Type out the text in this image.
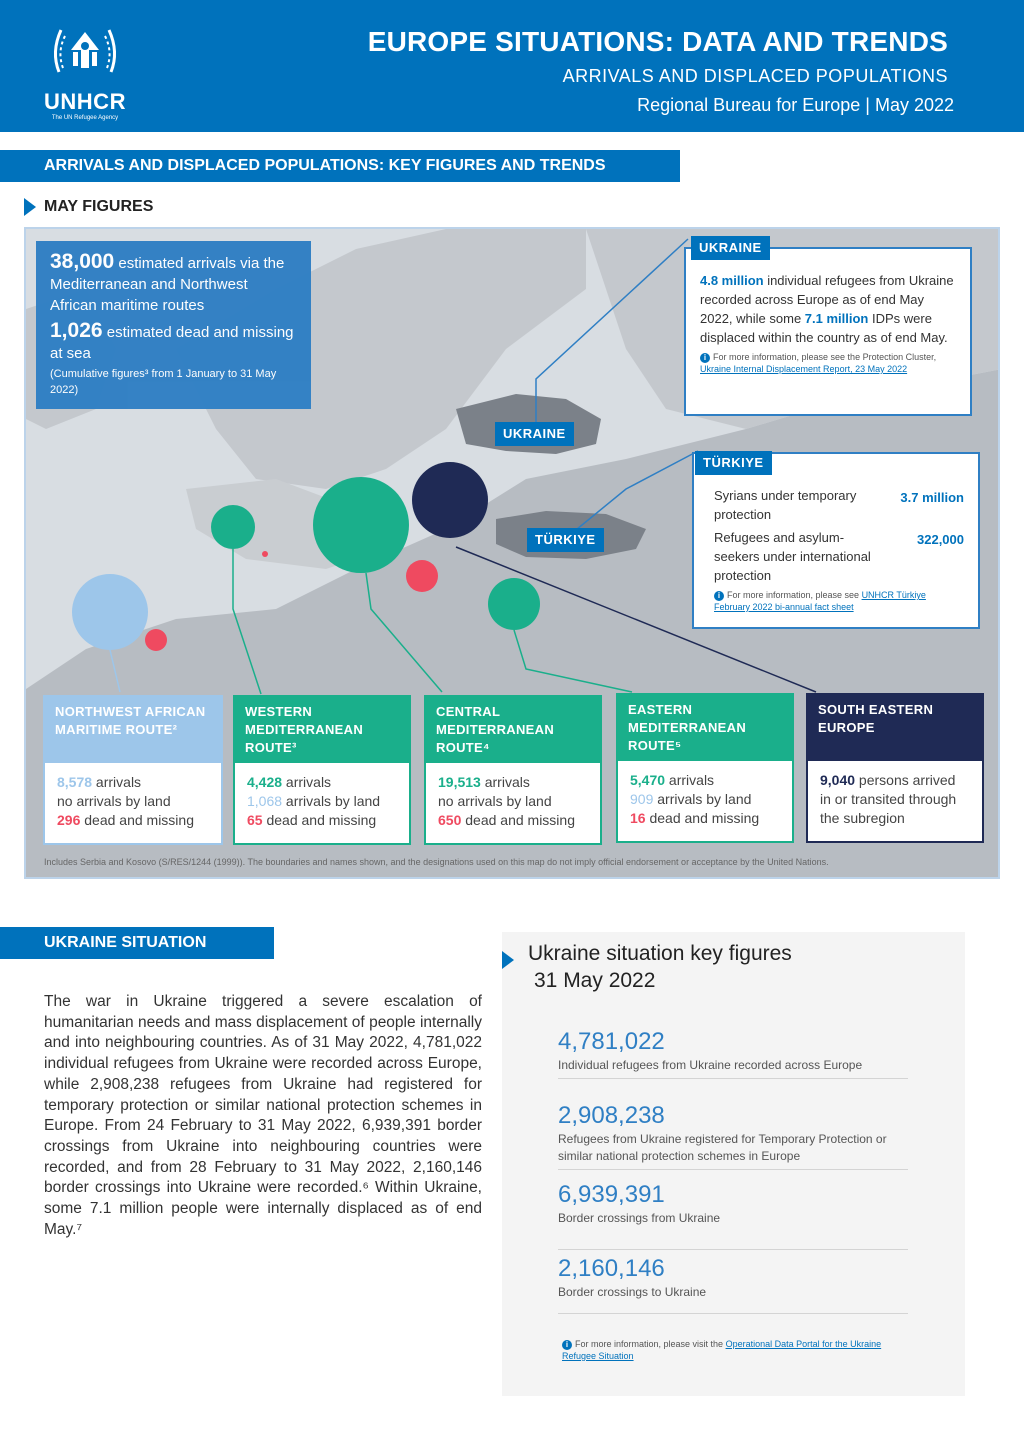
UNHCR
The UN Refugee Agency
EUROPE SITUATIONS: DATA AND TRENDS
ARRIVALS AND DISPLACED POPULATIONS
Regional Bureau for Europe | May 2022
ARRIVALS AND DISPLACED POPULATIONS: KEY FIGURES AND TRENDS
MAY FIGURES
38,000 estimated arrivals via the Mediterranean and Northwest African maritime routes
1,026 estimated dead and missing at sea
(Cumulative figures³ from 1 January to 31 May 2022)
4.8 million individual refugees from Ukraine recorded across Europe as of end May 2022, while some 7.1 million IDPs were displaced within the country as of end May.
i For more information, please see the Protection Cluster, Ukraine Internal Displacement Report, 23 May 2022
UKRAINE
Syrians under temporary protection
3.7 million
Refugees and asylum-seekers under international protection
322,000
i For more information, please see UNHCR Türkiye February 2022 bi-annual fact sheet
TÜRKIYE
UKRAINE
TÜRKIYE
NORTHWEST AFRICAN MARITIME ROUTE²
8,578 arrivals
no arrivals by land
296 dead and missing
WESTERN MEDITERRANEAN ROUTE³
4,428 arrivals
1,068 arrivals by land
65 dead and missing
CENTRAL MEDITERRANEAN ROUTE⁴
19,513 arrivals
no arrivals by land
650 dead and missing
EASTERN MEDITERRANEAN ROUTE⁵
5,470 arrivals
909 arrivals by land
16 dead and missing
SOUTH EASTERN EUROPE
9,040 persons arrived in or transited through the subregion
Includes Serbia and Kosovo (S/RES/1244 (1999)). The boundaries and names shown, and the designations used on this map do not imply official endorsement or acceptance by the United Nations.
UKRAINE SITUATION
The war in Ukraine triggered a severe escalation of humanitarian needs and mass displacement of people internally and into neighbouring countries. As of 31 May 2022, 4,781,022 individual refugees from Ukraine were recorded across Europe, while 2,908,238 refugees from Ukraine had registered for temporary protection or similar national protection schemes in Europe. From 24 February to 31 May 2022, 6,939,391 border crossings from Ukraine into neighbouring countries were recorded, and from 28 February to 31 May 2022, 2,160,146 border crossings into Ukraine were recorded.⁶ Within Ukraine, some 7.1 million people were internally displaced as of end May.⁷
Ukraine situation key figures
31 May 2022
4,781,022
Individual refugees from Ukraine recorded across Europe
2,908,238
Refugees from Ukraine registered for Temporary Protection or similar national protection schemes in Europe
6,939,391
Border crossings from Ukraine
2,160,146
Border crossings to Ukraine
i For more information, please visit the Operational Data Portal for the Ukraine Refugee Situation
